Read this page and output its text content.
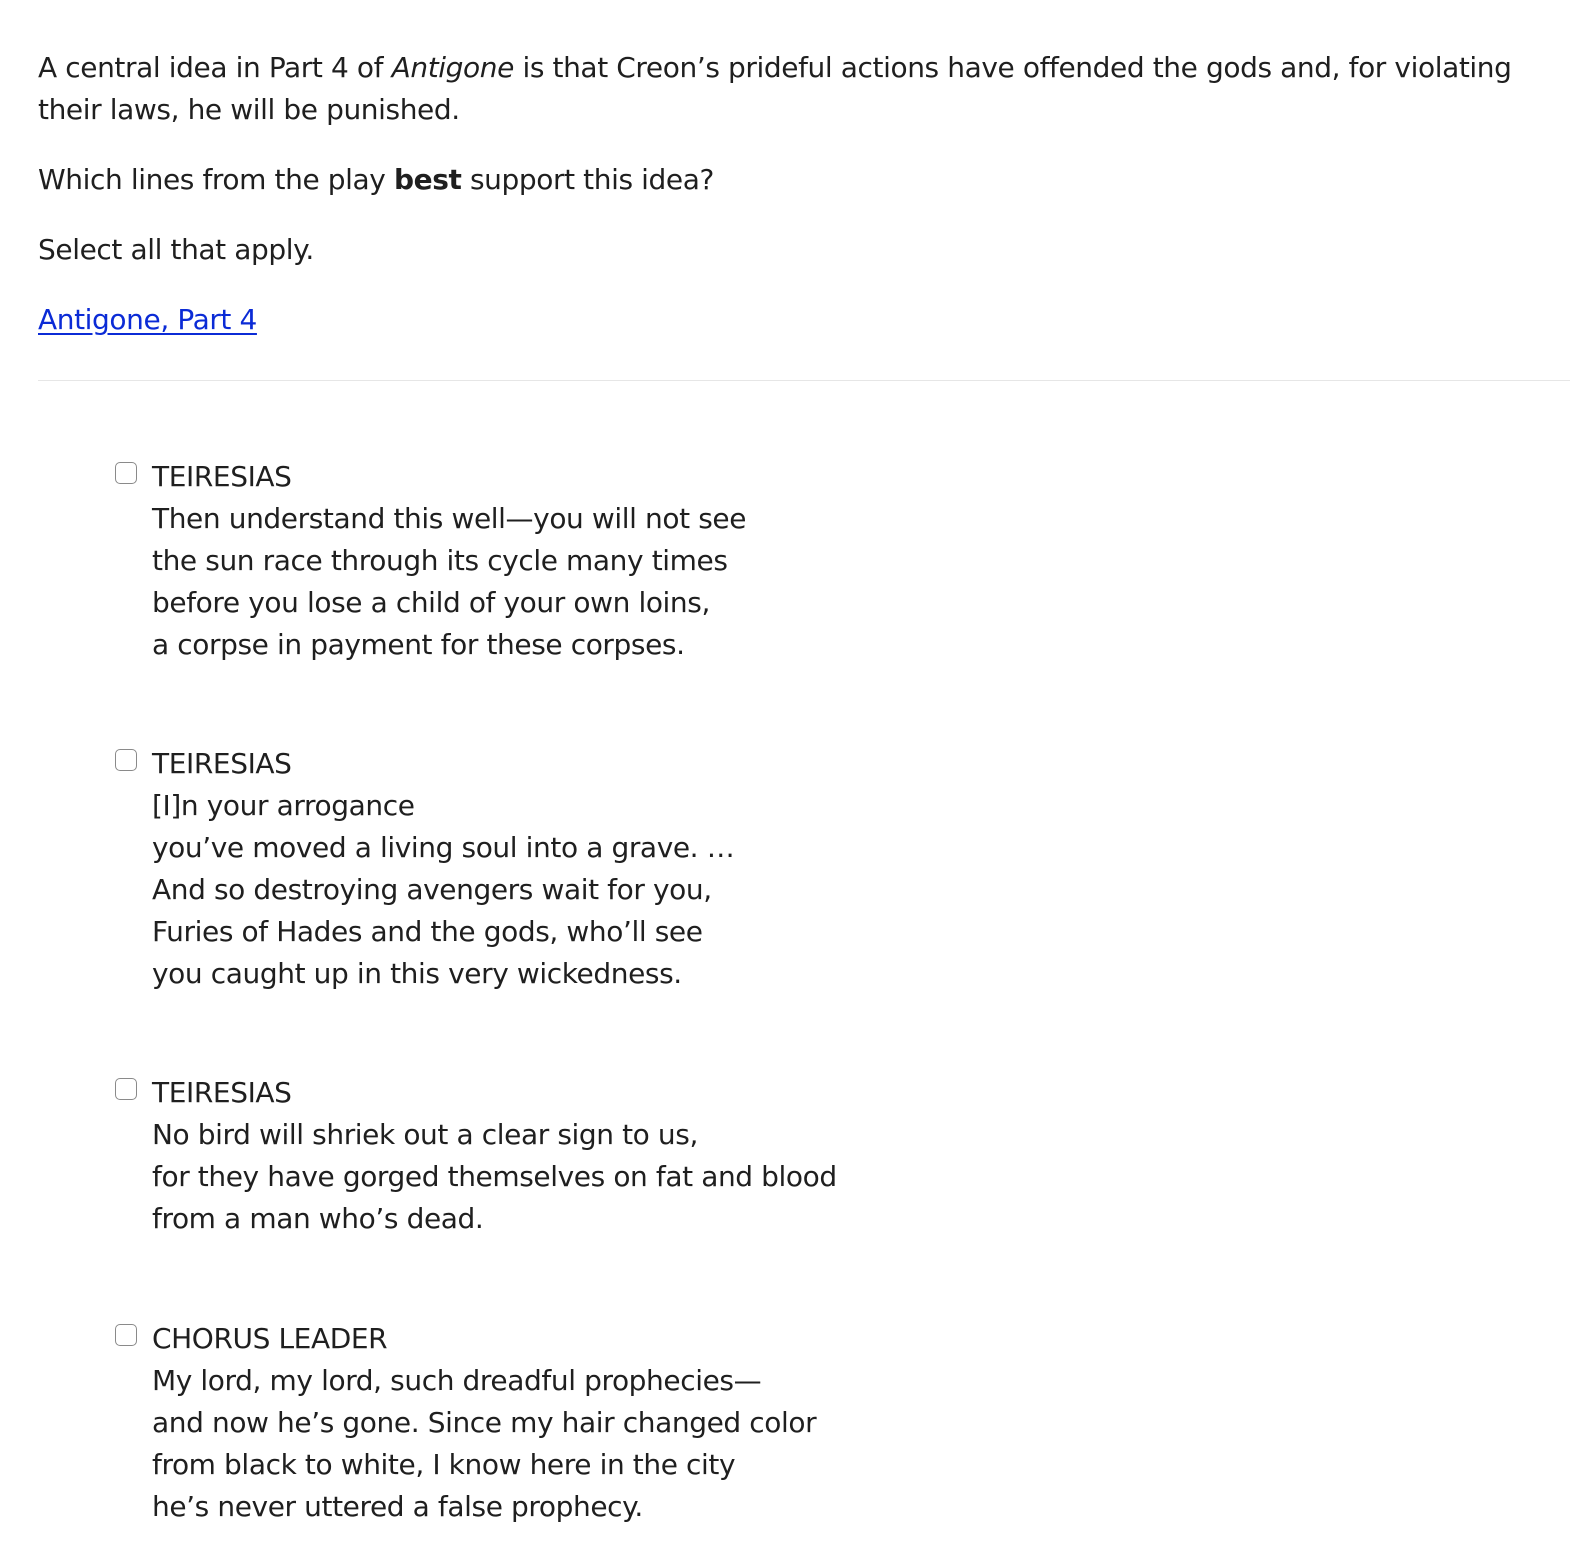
A central idea in Part 4 of Antigone is that Creon’s prideful actions have offended the gods and, for violating their laws, he will be punished.

Which lines from the play best support this idea?

Select all that apply.

Antigone, Part 4

TEIRESIAS
Then understand this well—you will not see
the sun race through its cycle many times
before you lose a child of your own loins,
a corpse in payment for these corpses.
TEIRESIAS
[I]n your arrogance
you’ve moved a living soul into a grave. …
And so destroying avengers wait for you,
Furies of Hades and the gods, who’ll see
you caught up in this very wickedness.
TEIRESIAS
No bird will shriek out a clear sign to us,
for they have gorged themselves on fat and blood
from a man who’s dead.
CHORUS LEADER
My lord, my lord, such dreadful prophecies—
and now he’s gone. Since my hair changed color
from black to white, I know here in the city
he’s never uttered a false prophecy.
